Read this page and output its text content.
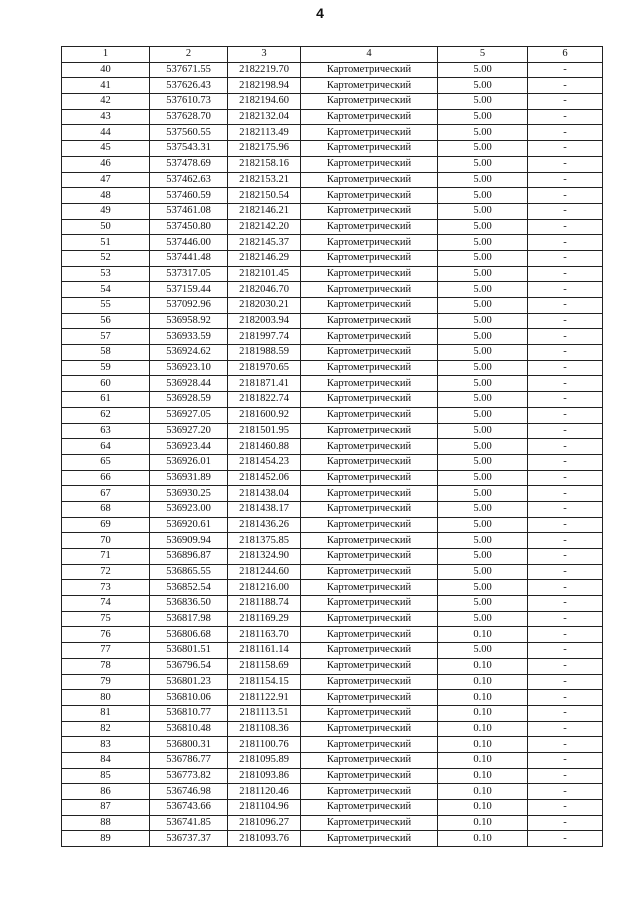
4
1	2	3	4	5	6
40	537671.55	2182219.70	Картометрический	5.00	-
41	537626.43	2182198.94	Картометрический	5.00	-
42	537610.73	2182194.60	Картометрический	5.00	-
43	537628.70	2182132.04	Картометрический	5.00	-
44	537560.55	2182113.49	Картометрический	5.00	-
45	537543.31	2182175.96	Картометрический	5.00	-
46	537478.69	2182158.16	Картометрический	5.00	-
47	537462.63	2182153.21	Картометрический	5.00	-
48	537460.59	2182150.54	Картометрический	5.00	-
49	537461.08	2182146.21	Картометрический	5.00	-
50	537450.80	2182142.20	Картометрический	5.00	-
51	537446.00	2182145.37	Картометрический	5.00	-
52	537441.48	2182146.29	Картометрический	5.00	-
53	537317.05	2182101.45	Картометрический	5.00	-
54	537159.44	2182046.70	Картометрический	5.00	-
55	537092.96	2182030.21	Картометрический	5.00	-
56	536958.92	2182003.94	Картометрический	5.00	-
57	536933.59	2181997.74	Картометрический	5.00	-
58	536924.62	2181988.59	Картометрический	5.00	-
59	536923.10	2181970.65	Картометрический	5.00	-
60	536928.44	2181871.41	Картометрический	5.00	-
61	536928.59	2181822.74	Картометрический	5.00	-
62	536927.05	2181600.92	Картометрический	5.00	-
63	536927.20	2181501.95	Картометрический	5.00	-
64	536923.44	2181460.88	Картометрический	5.00	-
65	536926.01	2181454.23	Картометрический	5.00	-
66	536931.89	2181452.06	Картометрический	5.00	-
67	536930.25	2181438.04	Картометрический	5.00	-
68	536923.00	2181438.17	Картометрический	5.00	-
69	536920.61	2181436.26	Картометрический	5.00	-
70	536909.94	2181375.85	Картометрический	5.00	-
71	536896.87	2181324.90	Картометрический	5.00	-
72	536865.55	2181244.60	Картометрический	5.00	-
73	536852.54	2181216.00	Картометрический	5.00	-
74	536836.50	2181188.74	Картометрический	5.00	-
75	536817.98	2181169.29	Картометрический	5.00	-
76	536806.68	2181163.70	Картометрический	0.10	-
77	536801.51	2181161.14	Картометрический	5.00	-
78	536796.54	2181158.69	Картометрический	0.10	-
79	536801.23	2181154.15	Картометрический	0.10	-
80	536810.06	2181122.91	Картометрический	0.10	-
81	536810.77	2181113.51	Картометрический	0.10	-
82	536810.48	2181108.36	Картометрический	0.10	-
83	536800.31	2181100.76	Картометрический	0.10	-
84	536786.77	2181095.89	Картометрический	0.10	-
85	536773.82	2181093.86	Картометрический	0.10	-
86	536746.98	2181120.46	Картометрический	0.10	-
87	536743.66	2181104.96	Картометрический	0.10	-
88	536741.85	2181096.27	Картометрический	0.10	-
89	536737.37	2181093.76	Картометрический	0.10	-
